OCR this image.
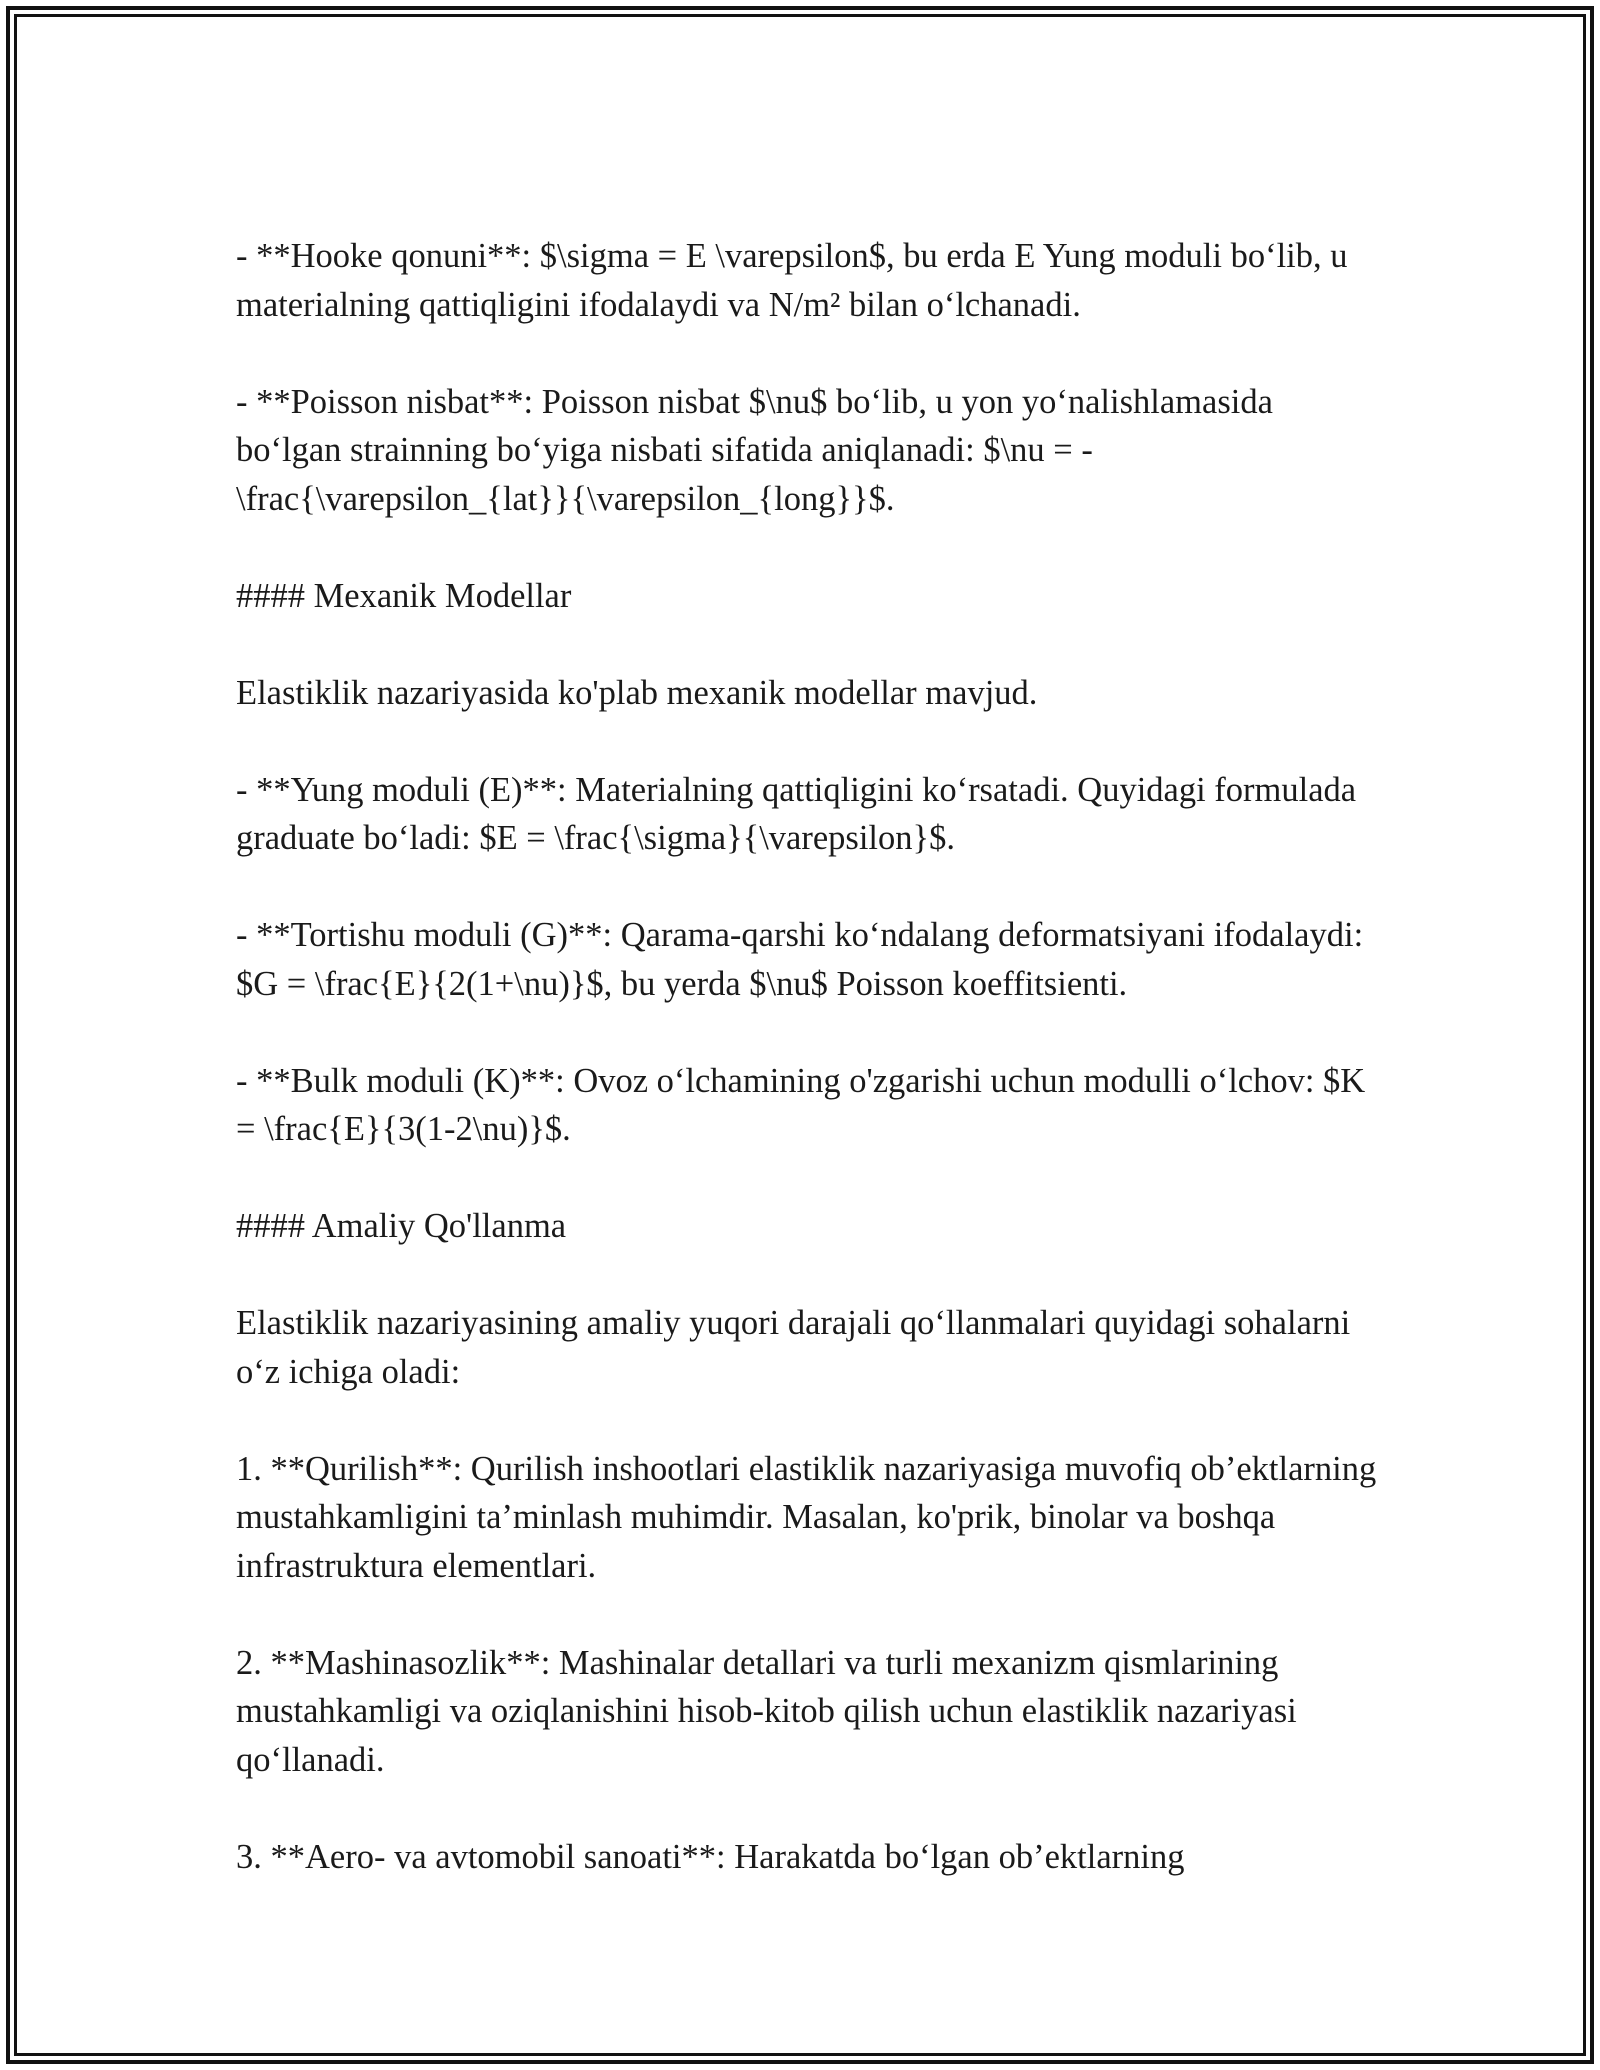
- **Hooke qonuni**: $\sigma = E \varepsilon$, bu erda E Yung moduli bo‘lib, u materialning qattiqligini ifodalaydi va N/m² bilan o‘lchanadi.

- **Poisson nisbat**: Poisson nisbat $\nu$ bo‘lib, u yon yo‘nalishlamasida bo‘lgan strainning bo‘yiga nisbati sifatida aniqlanadi: $\nu = -\frac{\varepsilon_{lat}}{\varepsilon_{long}}$.

#### Mexanik Modellar

Elastiklik nazariyasida ko'plab mexanik modellar mavjud.

- **Yung moduli (E)**: Materialning qattiqligini ko‘rsatadi. Quyidagi formulada graduate bo‘ladi: $E = \frac{\sigma}{\varepsilon}$.

- **Tortishu moduli (G)**: Qarama-qarshi ko‘ndalang deformatsiyani ifodalaydi: $G = \frac{E}{2(1+\nu)}$, bu yerda $\nu$ Poisson koeffitsienti.

- **Bulk moduli (K)**: Ovoz o‘lchamining o'zgarishi uchun modulli o‘lchov: $K = \frac{E}{3(1-2\nu)}$.

#### Amaliy Qo'llanma

Elastiklik nazariyasining amaliy yuqori darajali qo‘llanmalari quyidagi sohalarni o‘z ichiga oladi:

1. **Qurilish**: Qurilish inshootlari elastiklik nazariyasiga muvofiq ob’ektlarning mustahkamligini ta’minlash muhimdir. Masalan, ko'prik, binolar va boshqa infrastruktura elementlari.

2. **Mashinasozlik**: Mashinalar detallari va turli mexanizm qismlarining mustahkamligi va oziqlanishini hisob-kitob qilish uchun elastiklik nazariyasi qo‘llanadi.

3. **Aero- va avtomobil sanoati**: Harakatda bo‘lgan ob’ektlarning
